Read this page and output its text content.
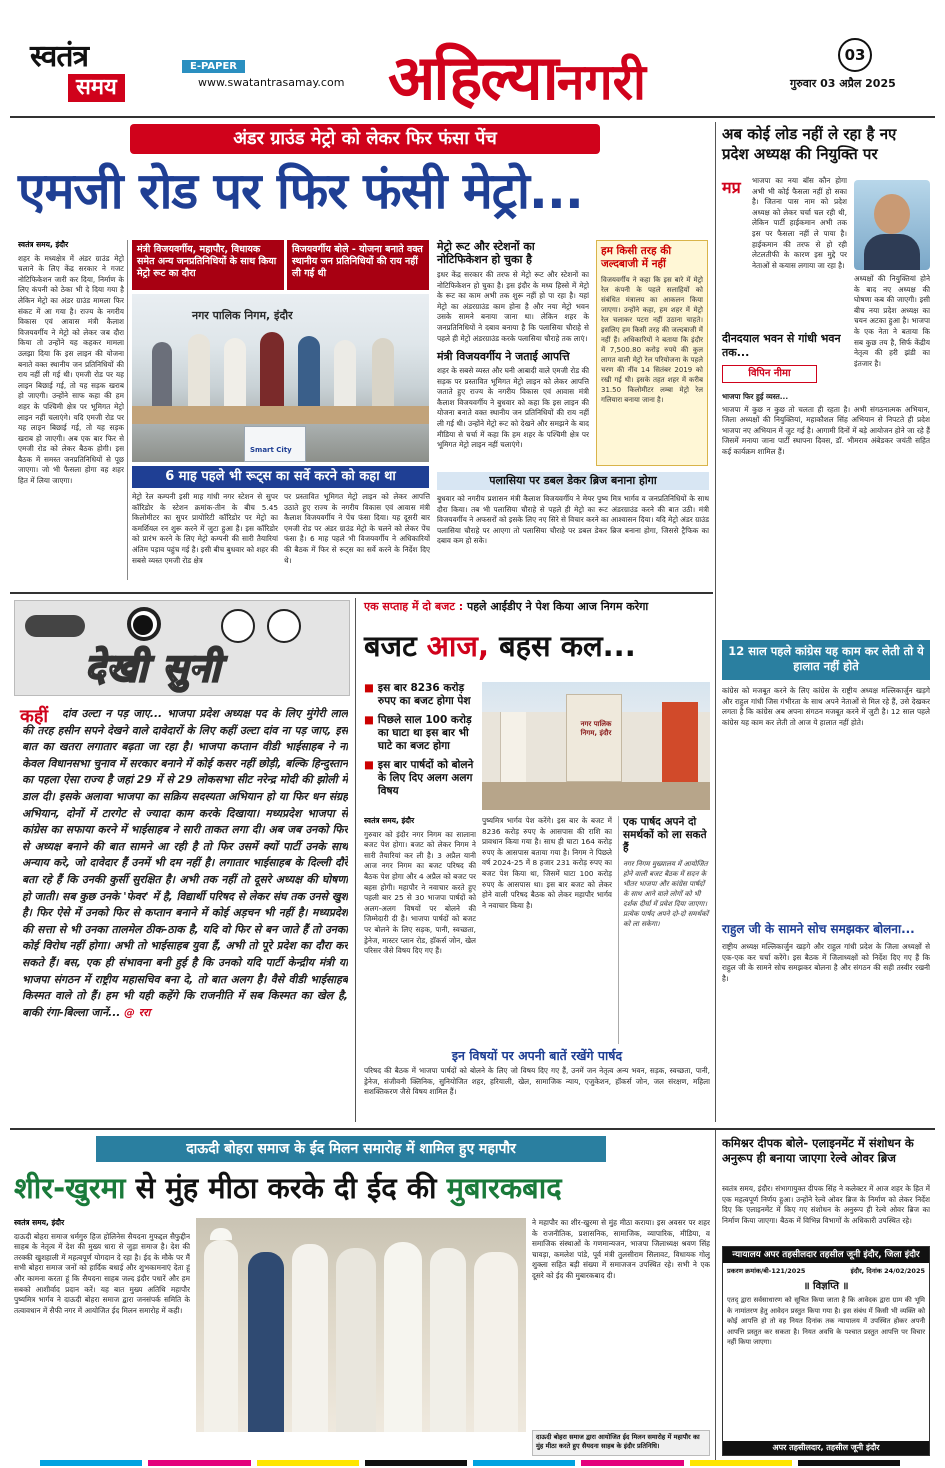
स्वतंत्र
समय
E-PAPER
www.swatantrasamay.com अहिल्यानगरी	03
गुरुवार 03 अप्रैल 2025
अंडर ग्राउंड मेट्रो को लेकर फिर फंसा पेंच
एमजी रोड पर फिर फंसी मेट्रो...
स्वतंत्र समय, इंदौर

शहर के मध्यक्षेत्र में अंडर ग्राउंड मेट्रो चलाने के लिए केंद्र सरकार ने गजट नोटिफिकेशन जारी कर दिया, निर्माण के लिए कंपनी को ठेका भी दे दिया गया है लेकिन मेट्रो का अंडर ग्राउंड मामला फिर संकट में आ गया है। राज्य के नगरीय विकास एवं आवास मंत्री कैलाश विजयवर्गीय ने मेट्रो को लेकर जब दौरा किया तो उन्होंने यह कहकर मामला उलझा दिया कि इस लाइन की योजना बनाते वक्त स्थानीय जन प्रतिनिधियों की राय नहीं ली गई थी। एमजी रोड पर यह लाइन बिछाई गई, तो यह सड़क खराब हो जाएगी। उन्होंने साफ कहा की हम शहर के पश्चिमी क्षेत्र पर भूमिगत मेट्रो लाइन नहीं चलाएंगे। यदि एमजी रोड पर यह लाइन बिछाई गई, तो यह सड़क खराब हो जाएगी। अब एक बार फिर से एमजी रोड को लेकर बैठक होगी। इस बैठक में समस्त जनप्रतिनिधियों से पूछ जाएगा। जो भी फैसला होगा वह शहर हित में लिया जाएगा।

मंत्री विजयवर्गीय, महापौर, विधायक समेत अन्य जनप्रतिनिधियों के साथ किया मेट्रो रूट का दौरा
विजयवर्गीय बोले - योजना बनाते वक्त स्थानीय जन प्रतिनिधियों की राय नहीं ली गई थी
नगर पालिक निगम, इंदौर
Smart City
6 माह पहले भी रूट्स का सर्वे करने को कहा था

मेट्रो रेल कम्पनी इसी माह गांधी नगर स्टेशन से सुपर कॉरिडोर के स्टेशन क्रमांक-तीन के बीच 5.45 किलोमीटर का सुपर प्रायोरिटी कॉरिडोर पर मेट्रो का कमर्शियल रन शुरू करने में जुटा हुआ है। इस कॉरिडोर को प्रारंभ करने के लिए मेट्रो कम्पनी की सारी तैयारियां अंतिम पड़ाव पहुंच गई है। इसी बीच बुधवार को शहर की सबसे व्यस्त एमजी रोड क्षेत्र

पर प्रस्तावित भूमिगत मेट्रो लाइन को लेकर आपत्ति उठाते हुए राज्य के नगरीय विकास एवं आवास मंत्री कैलाश विजयवर्गीय ने पेंच फंसा दिया। यह दूसरी बार एमजी रोड पर अंडर ग्राउंड मेट्रो के चलने को लेकर पेंच फंसा है। 6 माह पहले भी विजयवर्गीय ने अधिकारियों की बैठक में फिर से रूट्स का सर्वे करने के निर्देश दिए थे।

मेट्रो रूट और स्टेशनों का नोटिफिकेशन हो चुका है

इधर केंद्र सरकार की तरफ से मेट्रो रूट और स्टेशनों का नोटिफिकेशन हो चुका है। इस इंदौर के मध्य हिस्से में मेट्रो के रूट का काम अभी तक शुरू नहीं हो पा रहा है। यहां मेट्रो का अंडरग्राउंड काम होना है और नया मेट्रो भवन उसके सामने बनाया जाना था। लेकिन शहर के जनप्रतिनिधियों ने दबाव बनाया है कि पलासिया चौराहे से पहले ही मेट्रो अंडरग्राउंड करके पलासिया चौराहे तक लाएं।

मंत्री विजयवर्गीय ने जताई आपत्ति

शहर के सबसे व्यस्त और घनी आबादी वाले एमजी रोड की सड़क पर प्रस्तावित भूमिगत मेट्रो लाइन को लेकर आपत्ति जताते हुए राज्य के नगरीय विकास एवं आवास मंत्री कैलाश विजयवर्गीय ने बुधवार को कहा कि इस लाइन की योजना बनाते वक्त स्थानीय जन प्रतिनिधियों की राय नहीं ली गई थी। उन्होंने मेट्रो रूट को देखने और समझने के बाद मीडिया से चर्चा में कहा कि हम शहर के पश्चिमी क्षेत्र पर भूमिगत मेट्रो लाइन नहीं चलाएंगे।

हम किसी तरह की जल्दबाजी में नहीं
विजयवर्गीय ने कहा कि इस बारे में मेट्रो रेल कंपनी के पहले सलाहियों को संबंधित मंत्रालय का आकलन किया जाएगा। उन्होंने कहा, हम शहर में मेट्रो रेल चलाकर पटरा नहीं उठाना चाहते। इसलिए हम किसी तरह की जल्दबाजी में नहीं हैं। अधिकारियों ने बताया कि इंदौर में 7,500.80 करोड़ रुपये की कुल लागत वाली मेट्रो रेल परियोजना के पहले चरण की नींव 14 सितंबर 2019 को रखी गई थी। इसके तहत शहर में करीब 31.50 किलोमीटर लम्बा मेट्रो रेल गलियारा बनाया जाना है।
पलासिया पर डबल डेकर ब्रिज बनाना होगा

बुधवार को नगरीय प्रशासन मंत्री कैलाश विजयवर्गीय ने मेयर पुष्य मित्र भार्गव व जनप्रतिनिधियों के साथ दौरा किया। तब भी पलासिया चौराहे से पहले ही मेट्रो का रूट अंडरग्राउंड करने की बात उठी। मंत्री विजयवर्गीय ने अफसरों को इसके लिए नए सिरे से विचार करने का आश्वासन दिया। यदि मेट्रो अंडर ग्राउंड पलासिया चौराहे पर आएगा तो पलासिया चौराहे पर डबल डेकर ब्रिज बनाना होगा, जिससे ट्रैफिक का दबाव कम हो सके।

अब कोई लोड नहीं ले रहा है नए प्रदेश अध्यक्ष की नियुक्ति पर
मप्र भाजपा का नया बॉस कौन होगा अभी भी कोई फैसला नहीं हो सका है। जितना पास नाम को प्रदेश अध्यक्ष को लेकर चर्चा चल रही थी, लेकिन पार्टी हाईकमान अभी तक इस पर फैसला नहीं ले पाया है। हाईकमान की तरफ से हो रही लेटलतीफी के कारण इस मुद्दे पर नेताओं से कयास लगाया जा रहा है।

दीनदयाल भवन से गांधी भवन तक...
विपिन नीमा

अध्यक्षों की नियुक्तियां होने के बाद नए अध्यक्ष की घोषणा कब की जाएगी। इसी बीच नया प्रदेश अध्यक्ष का चयन अटका हुआ है। भाजपा के एक नेता ने बताया कि सब कुछ तय है, सिर्फ केंद्रीय नेतृत्व की हरी झंडी का इंतजार है।

भाजपा फिर हुई व्यस्त...

भाजपा में कुछ न कुछ तो चलता ही रहता है। अभी संगठनात्मक अभियान, जिला अध्यक्षों की नियुक्तियां, महाकौशल सिंह अभियान से निपटते ही प्रदेश भाजपा नए अभियान में जुट गई है। आगामी दिनों में बड़े आयोजन होने जा रहे हैं जिसमें मनाया जाना पार्टी स्थापना दिवस, डॉ. भीमराव अंबेडकर जयंती सहित कई कार्यक्रम शामिल हैं।

12 साल पहले कांग्रेस यह काम कर लेती तो ये हालात नहीं होते

कांग्रेस को मजबूत करने के लिए कांग्रेस के राष्ट्रीय अध्यक्ष मल्लिकार्जुन खड़गे और राहुल गांधी जिस गंभीरता के साथ अपने नेताओं से मिल रहे हैं, उसे देखकर लगता है कि कांग्रेस अब अपना संगठन मजबूत करने में जुटी है। 12 साल पहले कांग्रेस यह काम कर लेती तो आज ये हालात नहीं होते।

राहुल जी के सामने सोच समझकर बोलना...

राष्ट्रीय अध्यक्ष मल्लिकार्जुन खड़गे और राहुल गांधी प्रदेश के जिला अध्यक्षों से एक-एक कर चर्चा करेंगे। इस बैठक में जिलाध्यक्षों को निर्देश दिए गए हैं कि राहुल जी के सामने सोच समझकर बोलना है और संगठन की सही तस्वीर रखनी है।

देखी सुनी
कहीं	दांव उल्टा न पड़ जाए... भाजपा प्रदेश अध्यक्ष पद के लिए मुंगेरी लाल की तरह हसीन सपने देखने वाले दावेदारों के लिए कहीं उल्टा दांव ना पड़ जाए, इस बात का खतरा लगातार बढ़ता जा रहा है। भाजपा कप्तान वीडी भाईसाहब ने ना केवल विधानसभा चुनाव में सरकार बनाने में कोई कसर नहीं छोड़ी, बल्कि हिन्दुस्तान का पहला ऐसा राज्य है जहां 29 में से 29 लोकसभा सीट नरेन्द्र मोदी की झोली में डाल दी। इसके अलावा भाजपा का सक्रिय सदस्यता अभियान हो या फिर धन संग्रह अभियान, दोनों में टारगेट से ज्यादा काम करके दिखाया। मध्यप्रदेश भाजपा से कांग्रेस का सफाया करने में भाईसाहब ने सारी ताकत लगा दी। अब जब उनको फिर से अध्यक्ष बनाने की बात सामने आ रही है तो फिर उसमें क्यों पार्टी उनके साथ अन्याय करे, जो दावेदार हैं उनमें भी दम नहीं है। लगातार भाईसाहब के दिल्ली दौरे बता रहे हैं कि उनकी कुर्सी सुरक्षित है। अभी तक नहीं तो दूसरे अध्यक्ष की घोषणा हो जाती। सब कुछ उनके 'फेवर' में है, विद्यार्थी परिषद से लेकर संघ तक उनसे खुश है। फिर ऐसे में उनको फिर से कप्तान बनाने में कोई अड़चन भी नहीं है। मध्यप्रदेश की सत्ता से भी उनका तालमेल ठीक-ठाक है, यदि वो फिर से बन जाते हैं तो उनका कोई विरोध नहीं होगा। अभी तो भाईसाहब युवा हैं, अभी तो पूरे प्रदेश का दौरा कर सकते हैं। बस, एक ही संभावना बनी हुई है कि उनको यदि पार्टी केन्द्रीय मंत्री या भाजपा संगठन में राष्ट्रीय महासचिव बना दे, तो बात अलग है। वैसे वीडी भाईसाहब किस्मत वाले तो हैं। हम भी यही कहेंगे कि राजनीति में सब किस्मत का खेल है, बाकी रंगा-बिल्ला जानें... @ ररा
एक सप्ताह में दो बजट : पहले आईडीए ने पेश किया आज निगम करेगा
बजट आज, बहस कल...
■ इस बार 8236 करोड़ रुपए का बजट होगा पेश
■ पिछले साल 100 करोड़ का घाटा था इस बार भी घाटे का बजट होगा
■ इस बार पार्षदों को बोलने के लिए दिए अलग अलग विषय
नगर पालिक निगम, इंदौर
स्वतंत्र समय, इंदौर

गुरुवार को इंदौर नगर निगम का सालाना बजट पेश होगा। बजट को लेकर निगम ने सारी तैयारियां कर ली है। 3 अप्रैल यानी आज नगर निगम का बजट परिषद की बैठक पेश होगा और 4 अप्रैल को बजट पर बहस होगी। महापौर ने नवाचार करते हुए पहली बार 25 से 30 भाजपा पार्षदों को अलग-अलग विषयों पर बोलने की जिम्मेदारी दी है। भाजपा पार्षदों को बजट पर बोलने के लिए सड़क, पानी, स्वच्छता, ड्रेनेज, मास्टर प्लान रोड, हॉकर्स जोन, खेल परिसर जैसे विषय दिए गए हैं।

पुष्यमित्र भार्गव पेश करेंगे। इस बार के बजट में 8236 करोड़ रुपए के आसपास की राशि का प्रावधान किया गया है। साथ ही घाटा 164 करोड़ रुपए के आसपास बताया गया है। निगम ने पिछले वर्ष 2024-25 में 8 हजार 231 करोड़ रुपए का बजट पेश किया था, जिसमें घाटा 100 करोड़ रुपए के आसपास था। इस बार बजट को लेकर होने वाली परिषद बैठक को लेकर महापौर भार्गव ने नवाचार किया है।

एक पार्षद अपने दो समर्थकों को ला सकते हैं
नगर निगम मुख्यालय में आयोजित होने वाली बजट बैठक में सदन के भीतर भाजपा और कांग्रेस पार्षदों के साथ आने वाले लोगों को भी दर्शक दीर्घा में प्रवेश दिया जाएगा। प्रत्येक पार्षद अपने दो-दो समर्थकों को ला सकेगा।
इन विषयों पर अपनी बातें रखेंगे पार्षद

परिषद की बैठक में भाजपा पार्षदों को बोलने के लिए जो विषय दिए गए हैं, उनमें जन नेतृत्व अन्य भवन, सड़क, स्वच्छता, पानी, ड्रेनेज, संजीवनी क्लिनिक, सुनियोजित शहर, हरियाली, खेल, सामाजिक न्याय, एजुकेशन, हॉकर्स जोन, जल संरक्षण, महिला सशक्तिकरण जैसे विषय शामिल हैं।

दाऊदी बोहरा समाज के ईद मिलन समारोह में शामिल हुए महापौर
शीर-खुरमा से मुंह मीठा करके दी ईद की मुबारकबाद
स्वतंत्र समय, इंदौर

दाऊदी बोहरा समाज धर्मगुरु हिज होलिनेस सैयदना मुफद्दल सैफुद्दीन साहब के नेतृत्व में देश की मुख्य धारा से जुड़ा समाज है। देश की तरक्की खुशहाली में महत्वपूर्ण योगदान दे रहा है। ईद के मौके पर मैं सभी बोहरा समाज जनों को हार्दिक बधाई और शुभकामनाएं देता हूं और कामना करता हूं कि सैयदना साहब जल्द इंदौर पधारें और हम सबको आशीर्वाद प्रदान करें। यह बात मुख्य अतिथि महापौर पुष्यमित्र भार्गव ने दाऊदी बोहरा समाज द्वारा जनसंपर्क समिति के तत्वावधान में सैफी नगर में आयोजित ईद मिलन समारोह में कही।

ने महापौर का शीर-खुरमा से मुंह मीठा कराया। इस अवसर पर शहर के राजनीतिक, प्रशासनिक, सामाजिक, व्यापारिक, मीडिया, व समाजिक संस्थाओं के गणमान्यजन, भाजपा जिलाध्यक्ष श्रवण सिंह चावड़ा, कमलेश पांडे, पूर्व मंत्री तुलसीराम सिलावट, विधायक गोलू शुक्ला सहित बड़ी संख्या में समाजजन उपस्थित रहे। सभी ने एक दूसरे को ईद की मुबारकबाद दी।

दाऊदी बोहरा समाज द्वारा आयोजित ईद मिलन समारोह में महापौर का मुंह मीठा करते हुए सैयदना साहब के इंदौर प्रतिनिधि।
कमिश्नर दीपक बोले- एलाइनमेंट में संशोधन के अनुरूप ही बनाया जाएगा रेल्वे ओवर ब्रिज

स्वतंत्र समय, इंदौर। संभागायुक्त दीपक सिंह ने कलेक्टर में आज शहर के हित में एक महत्वपूर्ण निर्णय हुआ। उन्होंने रेल्वे ओवर ब्रिज के निर्माण को लेकर निर्देश दिए कि एलाइनमेंट में किए गए संशोधन के अनुरूप ही रेल्वे ओवर ब्रिज का निर्माण किया जाएगा। बैठक में विभिन्न विभागों के अधिकारी उपस्थित रहे।

न्यायालय अपर तहसीलदार तहसील जूनी इंदौर, जिला इंदौर
प्रकरण क्रमांक/बी-121/2025	इंदौर, दिनांक 24/02/2025
॥ विज्ञप्ति ॥
एतद् द्वारा सर्वसाधारण को सूचित किया जाता है कि आवेदक द्वारा ग्राम की भूमि के नामांतरण हेतु आवेदन प्रस्तुत किया गया है। इस संबंध में किसी भी व्यक्ति को कोई आपत्ति हो तो वह नियत दिनांक तक न्यायालय में उपस्थित होकर अपनी आपत्ति प्रस्तुत कर सकता है। नियत अवधि के पश्चात प्रस्तुत आपत्ति पर विचार नहीं किया जाएगा।
अपर तहसीलदार, तहसील जूनी इंदौर
